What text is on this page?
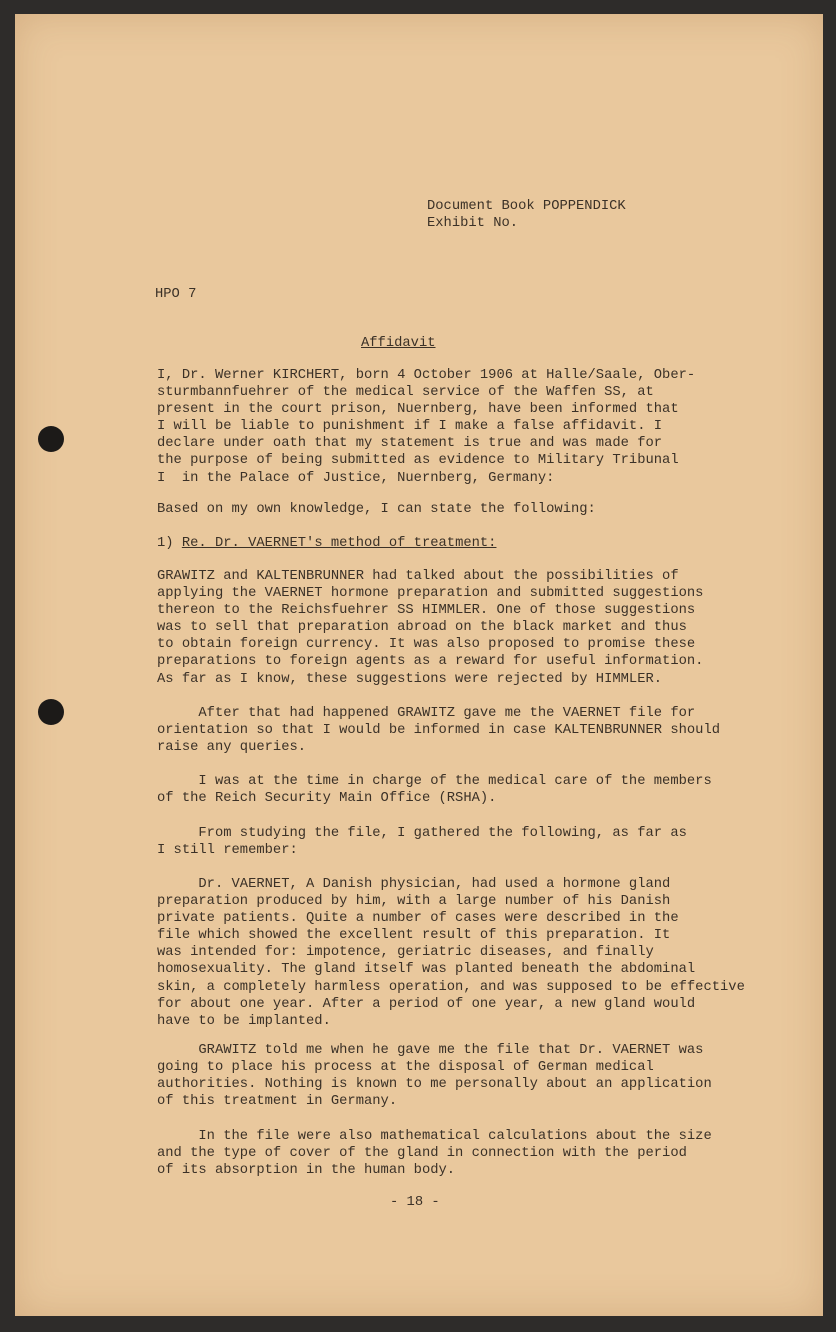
Document Book POPPENDICK
Exhibit No.
HPO 7
Affidavit
I, Dr. Werner KIRCHERT, born 4 October 1906 at Halle/Saale, Ober-
sturmbannfuehrer of the medical service of the Waffen SS, at
present in the court prison, Nuernberg, have been informed that
I will be liable to punishment if I make a false affidavit. I
declare under oath that my statement is true and was made for
the purpose of being submitted as evidence to Military Tribunal
I  in the Palace of Justice, Nuernberg, Germany:
Based on my own knowledge, I can state the following:
1) Re. Dr. VAERNET's method of treatment:
GRAWITZ and KALTENBRUNNER had talked about the possibilities of
applying the VAERNET hormone preparation and submitted suggestions
thereon to the Reichsfuehrer SS HIMMLER. One of those suggestions
was to sell that preparation abroad on the black market and thus
to obtain foreign currency. It was also proposed to promise these
preparations to foreign agents as a reward for useful information.
As far as I know, these suggestions were rejected by HIMMLER.
After that had happened GRAWITZ gave me the VAERNET file for
orientation so that I would be informed in case KALTENBRUNNER should
raise any queries.
I was at the time in charge of the medical care of the members
of the Reich Security Main Office (RSHA).
From studying the file, I gathered the following, as far as
I still remember:
Dr. VAERNET, A Danish physician, had used a hormone gland
preparation produced by him, with a large number of his Danish
private patients. Quite a number of cases were described in the
file which showed the excellent result of this preparation. It
was intended for: impotence, geriatric diseases, and finally
homosexuality. The gland itself was planted beneath the abdominal
skin, a completely harmless operation, and was supposed to be effective
for about one year. After a period of one year, a new gland would
have to be implanted.
GRAWITZ told me when he gave me the file that Dr. VAERNET was
going to place his process at the disposal of German medical
authorities. Nothing is known to me personally about an application
of this treatment in Germany.
In the file were also mathematical calculations about the size
and the type of cover of the gland in connection with the period
of its absorption in the human body.
- 18 -
